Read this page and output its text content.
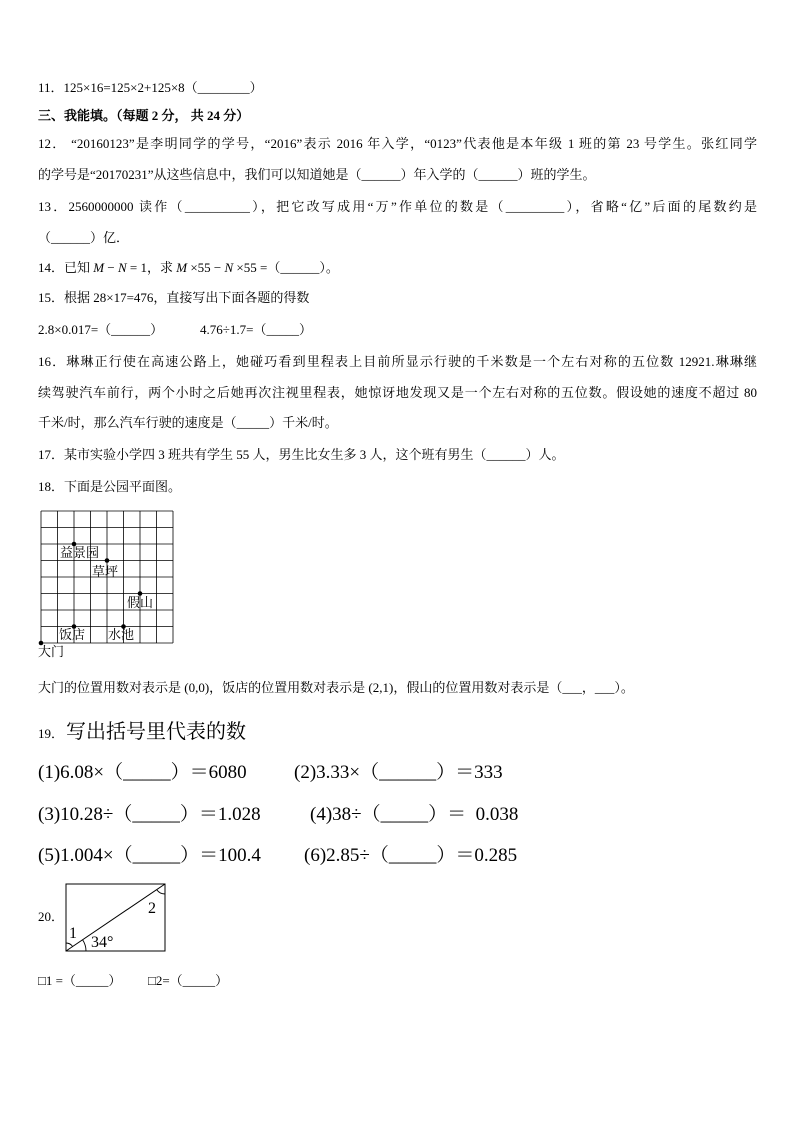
11．125×16=125×2+125×8（________）
三、我能填。（每题 2 分， 共 24 分）
12． “20160123”是李明同学的学号，“2016”表示 2016 年入学，“0123”代表他是本年级 1 班的第 23 号学生。张红同学
的学号是“20170231”从这些信息中，我们可以知道她是（______）年入学的（______）班的学生。
13．2560000000 读作（__________），把它改写成用“万”作单位的数是（_________），省略“亿”后面的尾数约是
（______）亿．
14．已知 M − N = 1，求 M ×55 − N ×55 =（______）。
15．根据 28×17=476，直接写出下面各题的得数
2.8×0.017=（______）	4.76÷1.7=（_____）
16．琳琳正行使在高速公路上，她碰巧看到里程表上目前所显示行驶的千米数是一个左右对称的五位数 12921.琳琳继
续驾驶汽车前行，两个小时之后她再次注视里程表，她惊讶地发现又是一个左右对称的五位数。假设她的速度不超过 80
千米/时，那么汽车行驶的速度是（_____）千米/时。
17．某市实验小学四 3 班共有学生 55 人，男生比女生多 3 人，这个班有男生（______）人。
18．下面是公园平面图。
益景园
草坪
假山
饭店 水池
大门
大门的位置用数对表示是 (0,0)，饭店的位置用数对表示是 (2,1)，假山的位置用数对表示是（___，___）。
19． 写出括号里代表的数
(1)6.08×（_____）＝6080 (2)3.33×（______）＝333
(3)10.28÷（_____）＝1.028	(4)38÷（_____）＝  0.038
(5)1.004×（_____）＝100.4 (6)2.85÷（_____）＝0.285
20．
1
34°
2
□1 =（_____） □2=（_____）
